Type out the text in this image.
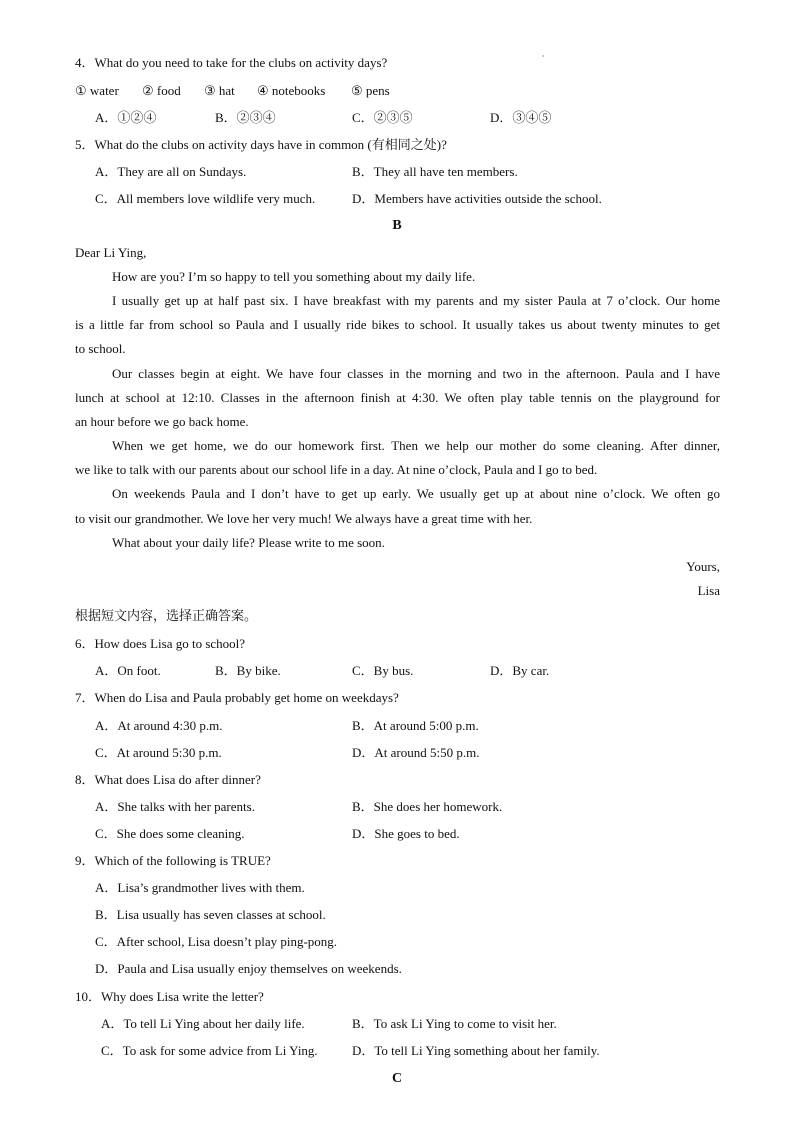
4．What do you need to take for the clubs on activity days?
① water ② food ③ hat ④ notebooks ⑤ pens
A．①②④	B．②③④	C．②③⑤	D．③④⑤
5．What do the clubs on activity days have in common (有相同之处)?
A．They are all on Sundays.	B．They all have ten members.
C．All members love wildlife very much.	D．Members have activities outside the school.
B
Dear Li Ying,
How are you? I’m so happy to tell you something about my daily life.
I usually get up at half past six. I have breakfast with my parents and my sister Paula at 7 o’clock. Our home
is a little far from school so Paula and I usually ride bikes to school. It usually takes us about twenty minutes to get
to school.
Our classes begin at eight. We have four classes in the morning and two in the afternoon. Paula and I have
lunch at school at 12:10. Classes in the afternoon finish at 4:30. We often play table tennis on the playground for
an hour before we go back home.
When we get home, we do our homework first. Then we help our mother do some cleaning. After dinner,
we like to talk with our parents about our school life in a day. At nine o’clock, Paula and I go to bed.
On weekends Paula and I don’t have to get up early. We usually get up at about nine o’clock. We often go
to visit our grandmother. We love her very much! We always have a great time with her.
What about your daily life? Please write to me soon.
Yours,
Lisa
根据短文内容，选择正确答案。
6．How does Lisa go to school?
A．On foot.	B．By bike.	C．By bus.	D．By car.
7．When do Lisa and Paula probably get home on weekdays?
A．At around 4:30 p.m.	B．At around 5:00 p.m.
C．At around 5:30 p.m.	D．At around 5:50 p.m.
8．What does Lisa do after dinner?
A．She talks with her parents.	B．She does her homework.
C．She does some cleaning.	D．She goes to bed.
9．Which of the following is TRUE?
A．Lisa’s grandmother lives with them.
B．Lisa usually has seven classes at school.
C．After school, Lisa doesn’t play ping-pong.
D．Paula and Lisa usually enjoy themselves on weekends.
10．Why does Lisa write the letter?
A．To tell Li Ying about her daily life.	B．To ask Li Ying to come to visit her.
C．To ask for some advice from Li Ying.	D．To tell Li Ying something about her family.
C
